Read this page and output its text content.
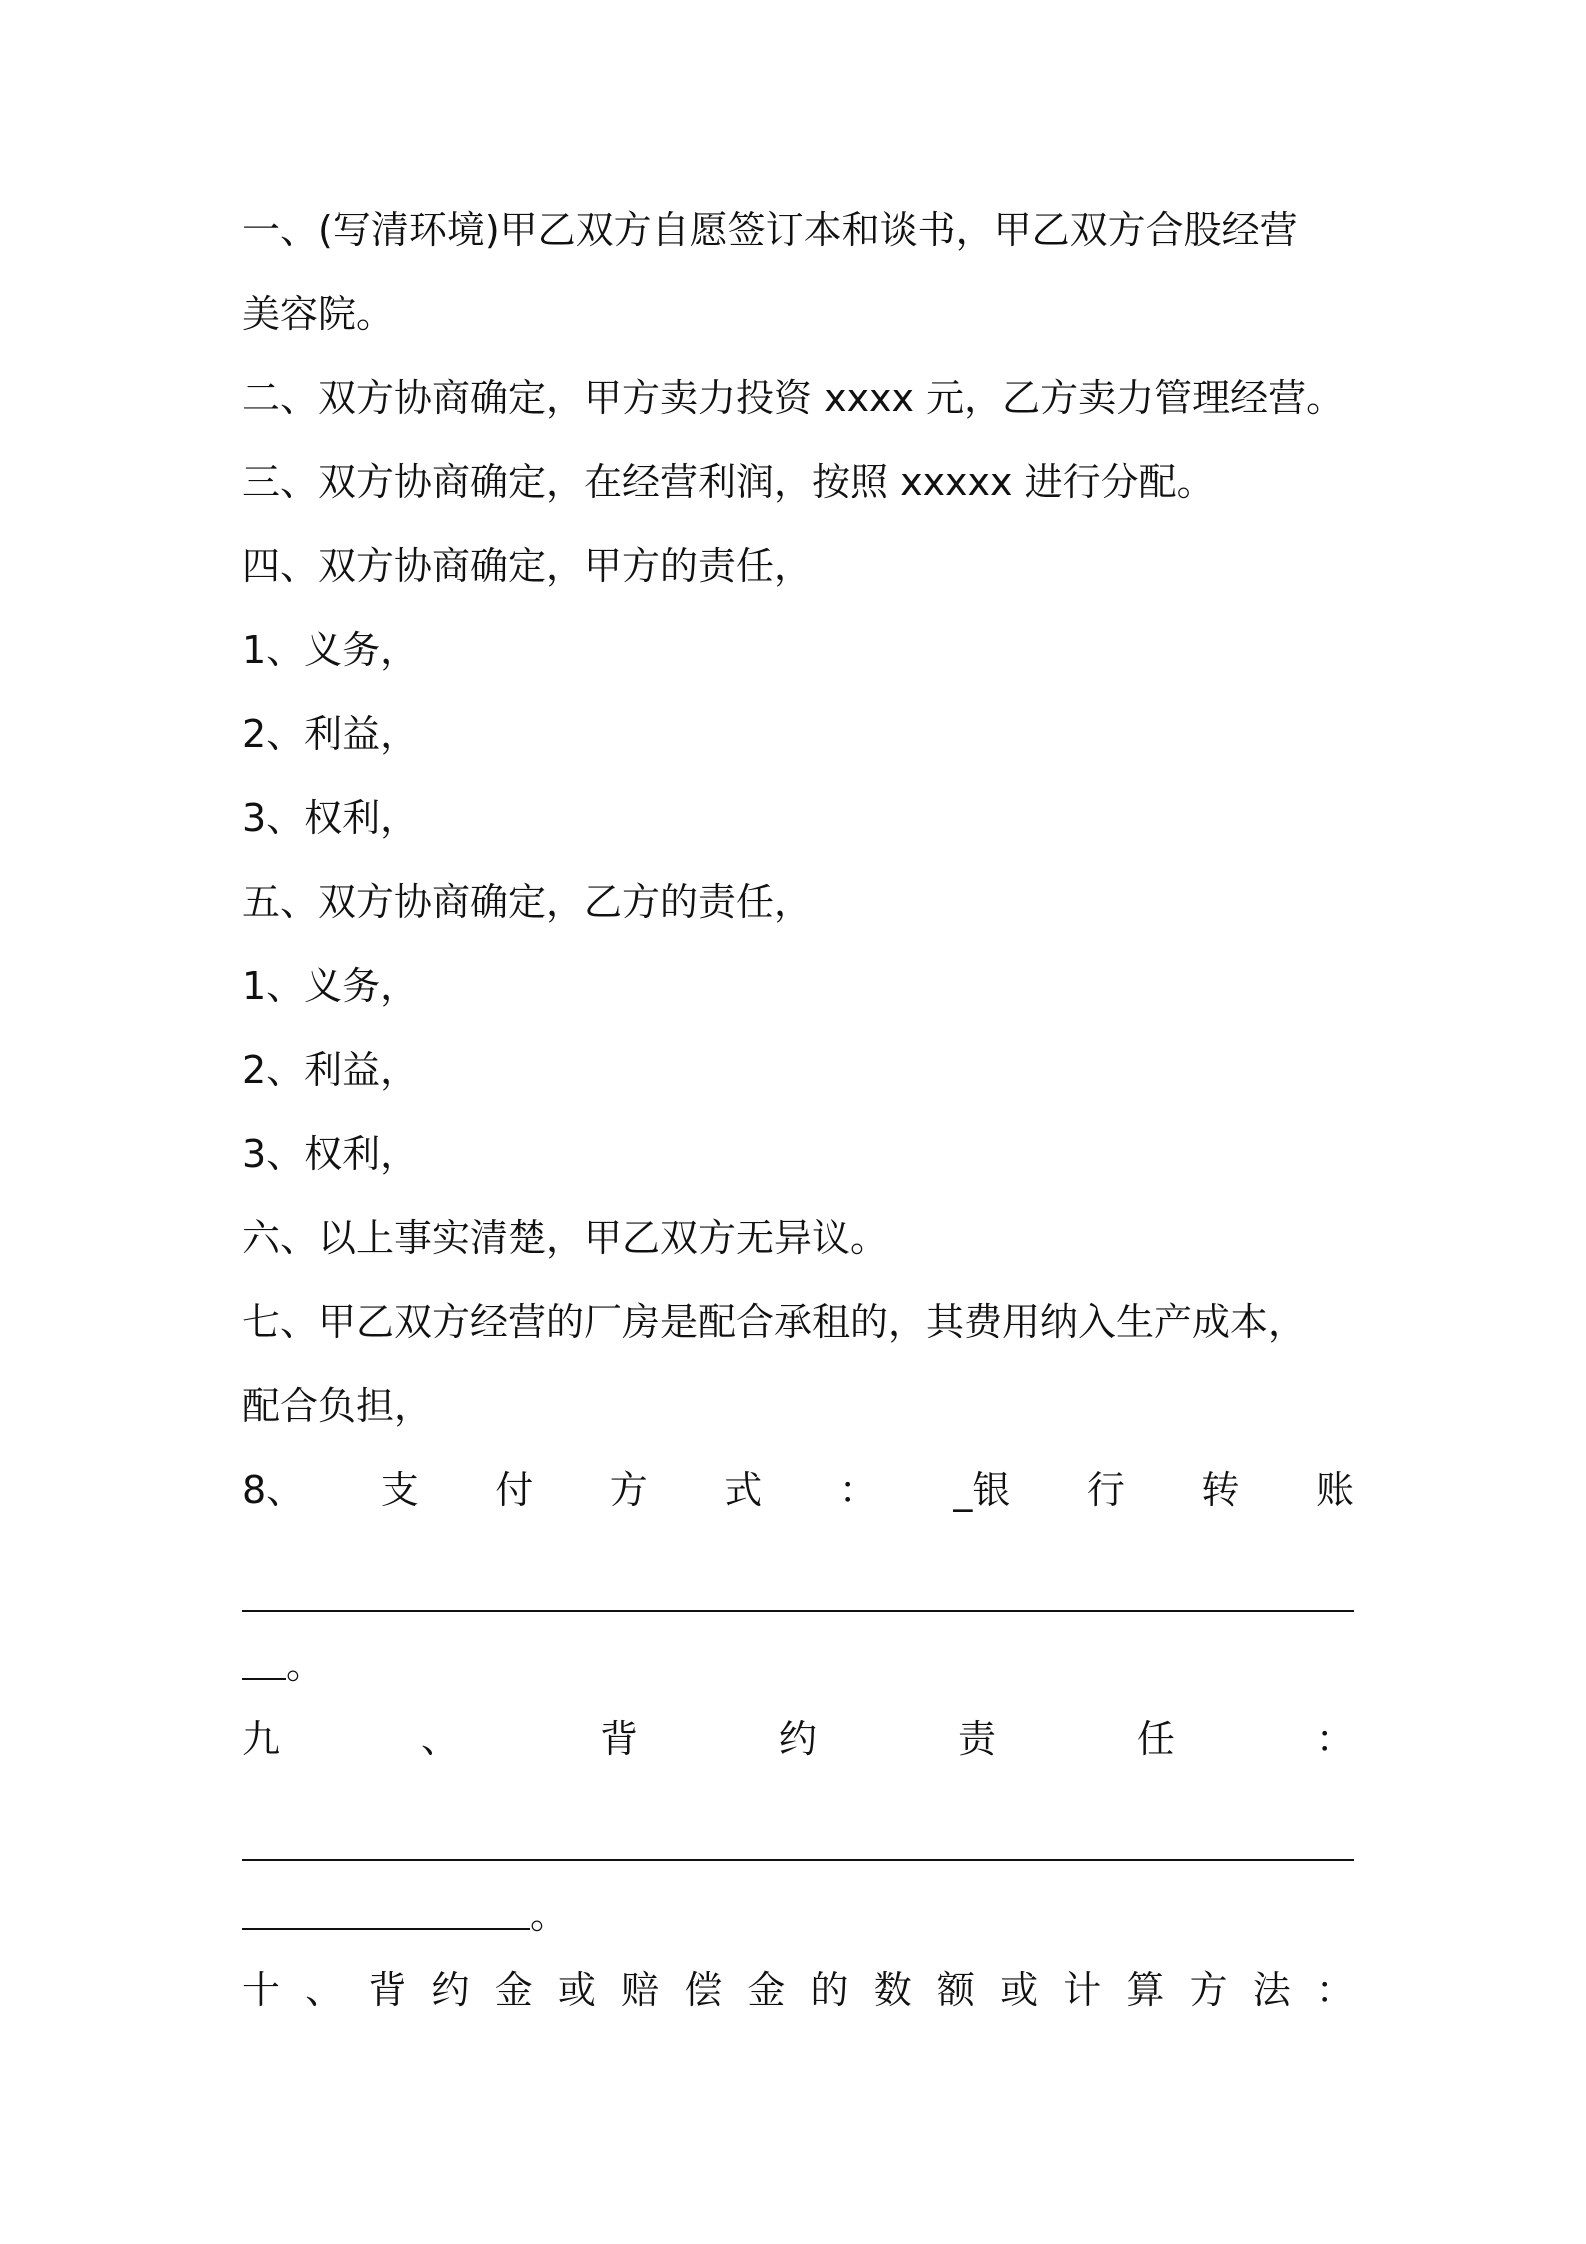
一、(写清环境)甲乙双方自愿签订本和谈书，甲乙双方合股经营
美容院。
二、双方协商确定，甲方卖力投资 xxxx 元，乙方卖力管理经营。
三、双方协商确定，在经营利润，按照 xxxxx 进行分配。
四、双方协商确定，甲方的责任，
1、义务，
2、利益，
3、权利，
五、双方协商确定，乙方的责任，
1、义务，
2、利益，
3、权利，
六、以上事实清楚，甲乙双方无异议。
七、甲乙双方经营的厂房是配合承租的，其费用纳入生产成本，
配合负担，
8、 支 付 方 式 ： _银 行 转 账
。
九	、	背	约	责	任	：
。
十 、 背 约 金 或 赔 偿 金 的 数 额 或 计 算 方 法 ：
